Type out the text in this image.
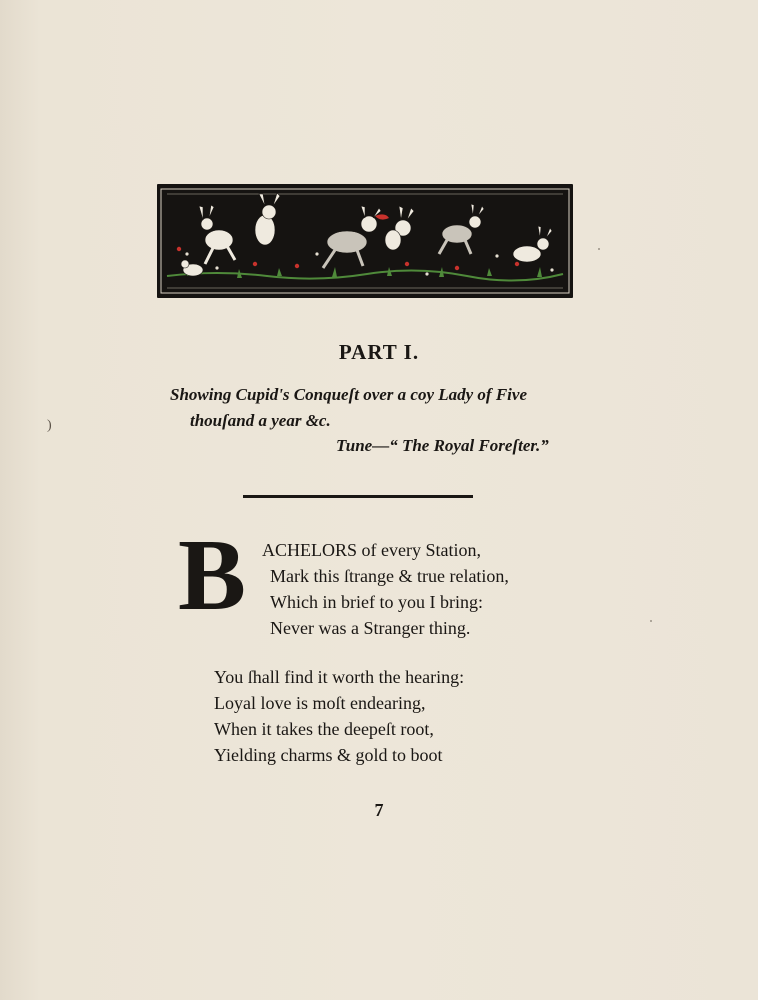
PART I.
Showing Cupid's Conqueſt over a coy Lady of Five
thouſand a year &c.
Tune—“ The Royal Foreſter.”
B ACHELORS of every Station,
Mark this ſtrange & true relation,
Which in brief to you I bring:
Never was a Stranger thing.
You ſhall find it worth the hearing:
Loyal love is moſt endearing,
When it takes the deepeſt root,
Yielding charms & gold to boot
7
)
